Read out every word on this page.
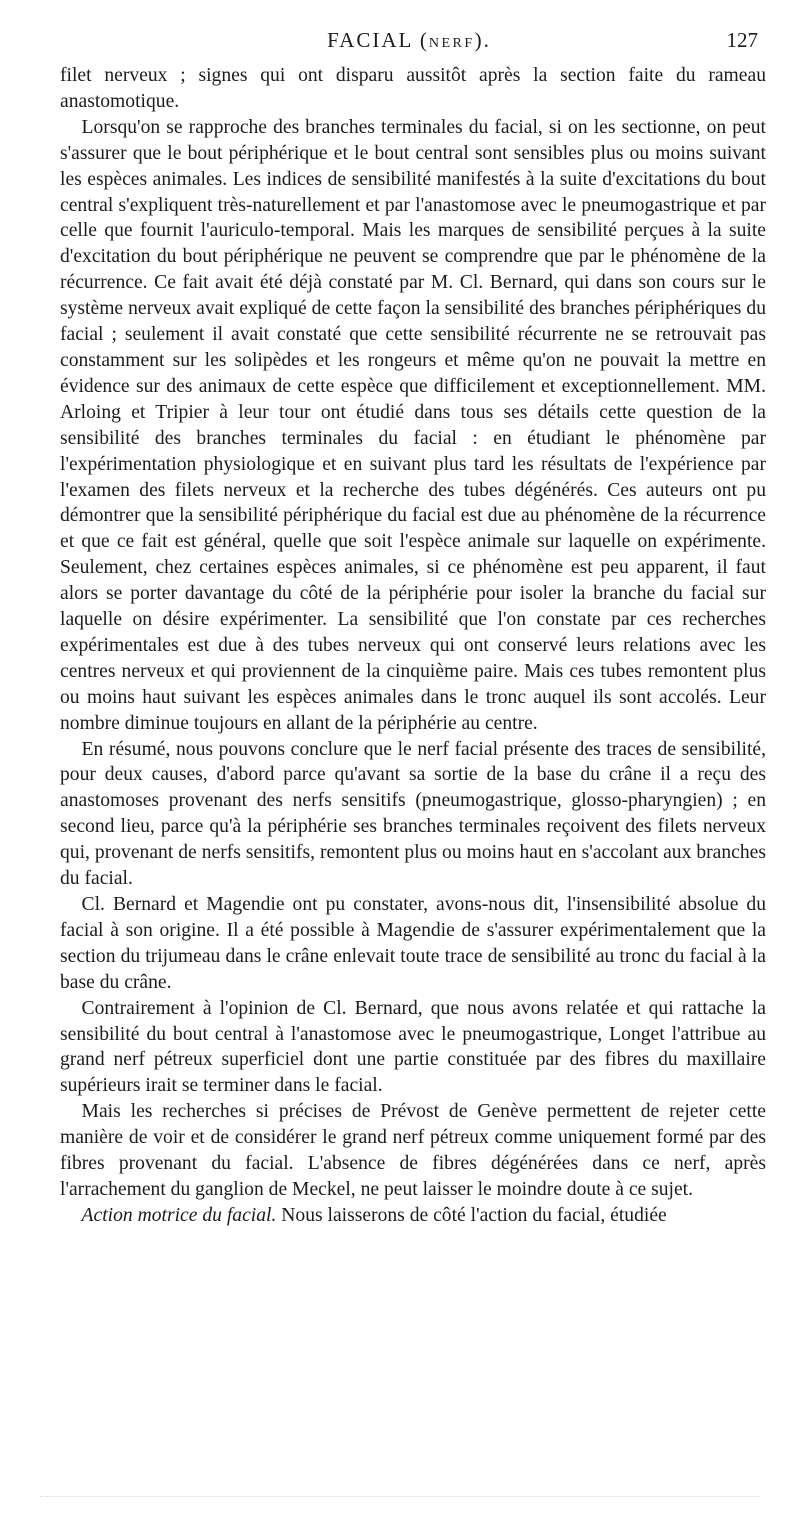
FACIAL (NERF).	127

filet nerveux ; signes qui ont disparu aussitôt après la section faite du rameau anastomotique.

Lorsqu'on se rapproche des branches terminales du facial, si on les sectionne, on peut s'assurer que le bout périphérique et le bout central sont sensibles plus ou moins suivant les espèces animales. Les indices de sensibilité manifestés à la suite d'excitations du bout central s'expliquent très-naturellement et par l'anastomose avec le pneumogastrique et par celle que fournit l'auriculo-temporal. Mais les marques de sensibilité perçues à la suite d'excitation du bout périphérique ne peuvent se comprendre que par le phénomène de la récurrence. Ce fait avait été déjà constaté par M. Cl. Bernard, qui dans son cours sur le système nerveux avait expliqué de cette façon la sensibilité des branches périphériques du facial ; seulement il avait constaté que cette sensibilité récurrente ne se retrouvait pas constamment sur les solipèdes et les rongeurs et même qu'on ne pouvait la mettre en évidence sur des animaux de cette espèce que difficilement et exceptionnellement. MM. Arloing et Tripier à leur tour ont étudié dans tous ses détails cette question de la sensibilité des branches terminales du facial : en étudiant le phénomène par l'expérimentation physiologique et en suivant plus tard les résultats de l'expérience par l'examen des filets nerveux et la recherche des tubes dégénérés. Ces auteurs ont pu démontrer que la sensibilité périphérique du facial est due au phénomène de la récurrence et que ce fait est général, quelle que soit l'espèce animale sur laquelle on expérimente. Seulement, chez certaines espèces animales, si ce phénomène est peu apparent, il faut alors se porter davantage du côté de la périphérie pour isoler la branche du facial sur laquelle on désire expérimenter. La sensibilité que l'on constate par ces recherches expérimentales est due à des tubes nerveux qui ont conservé leurs relations avec les centres nerveux et qui proviennent de la cinquième paire. Mais ces tubes remontent plus ou moins haut suivant les espèces animales dans le tronc auquel ils sont accolés. Leur nombre diminue toujours en allant de la périphérie au centre.

En résumé, nous pouvons conclure que le nerf facial présente des traces de sensibilité, pour deux causes, d'abord parce qu'avant sa sortie de la base du crâne il a reçu des anastomoses provenant des nerfs sensitifs (pneumogastrique, glosso-pharyngien) ; en second lieu, parce qu'à la périphérie ses branches terminales reçoivent des filets nerveux qui, provenant de nerfs sensitifs, remontent plus ou moins haut en s'accolant aux branches du facial.

Cl. Bernard et Magendie ont pu constater, avons-nous dit, l'insensibilité absolue du facial à son origine. Il a été possible à Magendie de s'assurer expérimentalement que la section du trijumeau dans le crâne enlevait toute trace de sensibilité au tronc du facial à la base du crâne.

Contrairement à l'opinion de Cl. Bernard, que nous avons relatée et qui rattache la sensibilité du bout central à l'anastomose avec le pneumogastrique, Longet l'attribue au grand nerf pétreux superficiel dont une partie constituée par des fibres du maxillaire supérieurs irait se terminer dans le facial.

Mais les recherches si précises de Prévost de Genève permettent de rejeter cette manière de voir et de considérer le grand nerf pétreux comme uniquement formé par des fibres provenant du facial. L'absence de fibres dégénérées dans ce nerf, après l'arrachement du ganglion de Meckel, ne peut laisser le moindre doute à ce sujet.

Action motrice du facial. Nous laisserons de côté l'action du facial, étudiée
